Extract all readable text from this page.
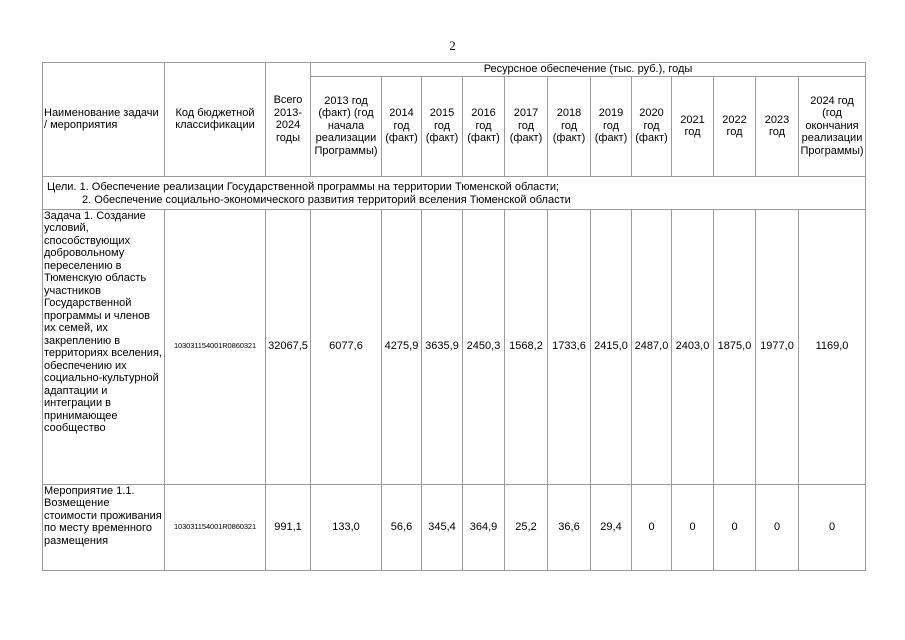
2
Наименование задачи / мероприятия	Код бюджетной классификации	Всего 2013-2024 годы	Ресурсное обеспечение (тыс. руб.), годы											
			2013 год (факт) (год начала реализации Программы)	2014 год (факт)	2015 год (факт)	2016 год (факт)	2017 год (факт)	2018 год (факт)	2019 год (факт)	2020 год (факт)	2021 год	2022 год	2023 год	2024 год (год окончания реализации Программы)

Цели. 1. Обеспечение реализации Государственной программы на территории Тюменской области;
2. Обеспечение социально-экономического развития территорий вселения Тюменской области														

Задача 1. Создание условий, способствующих добровольному переселению в Тюменскую область участников Государственной программы и членов их семей, их закреплению в территориях вселения, обеспечению их социально-культурной адаптации и интеграции в принимающее сообщество	103031154001R0860321	32067,5	6077,6	4275,9	3635,9	2450,3	1568,2	1733,6	2415,0	2487,0	2403,0	1875,0	1977,0	1169,0
Мероприятие 1.1. Возмещение стоимости проживания по месту временного размещения	103031154001R0860321	991,1	133,0	56,6	345,4	364,9	25,2	36,6	29,4	0	0	0	0	0
